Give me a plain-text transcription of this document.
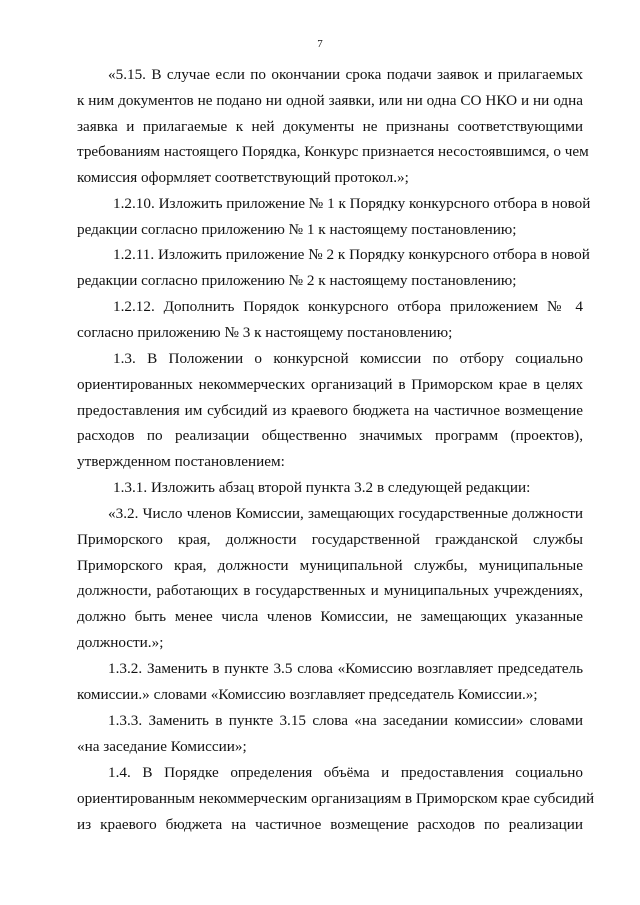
7
«5.15. В случае если по окончании срока подачи заявок и прилагаемых
к ним документов не подано ни одной заявки, или ни одна СО НКО и ни одна
заявка и прилагаемые к ней документы не признаны соответствующими
требованиям настоящего Порядка, Конкурс признается несостоявшимся, о чем
комиссия оформляет соответствующий протокол.»;
1.2.10. Изложить приложение № 1 к Порядку конкурсного отбора в новой
редакции согласно приложению № 1 к настоящему постановлению;
1.2.11. Изложить приложение № 2 к Порядку конкурсного отбора в новой
редакции согласно приложению № 2 к настоящему постановлению;
1.2.12. Дополнить Порядок конкурсного отбора приложением № 4
согласно приложению № 3 к настоящему постановлению;
1.3. В Положении о конкурсной комиссии по отбору социально
ориентированных некоммерческих организаций в Приморском крае в целях
предоставления им субсидий из краевого бюджета на частичное возмещение
расходов по реализации общественно значимых программ (проектов),
утвержденном постановлением:
1.3.1. Изложить абзац второй пункта 3.2 в следующей редакции:
«3.2. Число членов Комиссии, замещающих государственные должности
Приморского края, должности государственной гражданской службы
Приморского края, должности муниципальной службы, муниципальные
должности, работающих в государственных и муниципальных учреждениях,
должно быть менее числа членов Комиссии, не замещающих указанные
должности.»;
1.3.2. Заменить в пункте 3.5 слова «Комиссию возглавляет председатель
комиссии.» словами «Комиссию возглавляет председатель Комиссии.»;
1.3.3. Заменить в пункте 3.15 слова «на заседании комиссии» словами
«на заседание Комиссии»;
1.4. В Порядке определения объёма и предоставления социально
ориентированным некоммерческим организациям в Приморском крае субсидий
из краевого бюджета на частичное возмещение расходов по реализации
